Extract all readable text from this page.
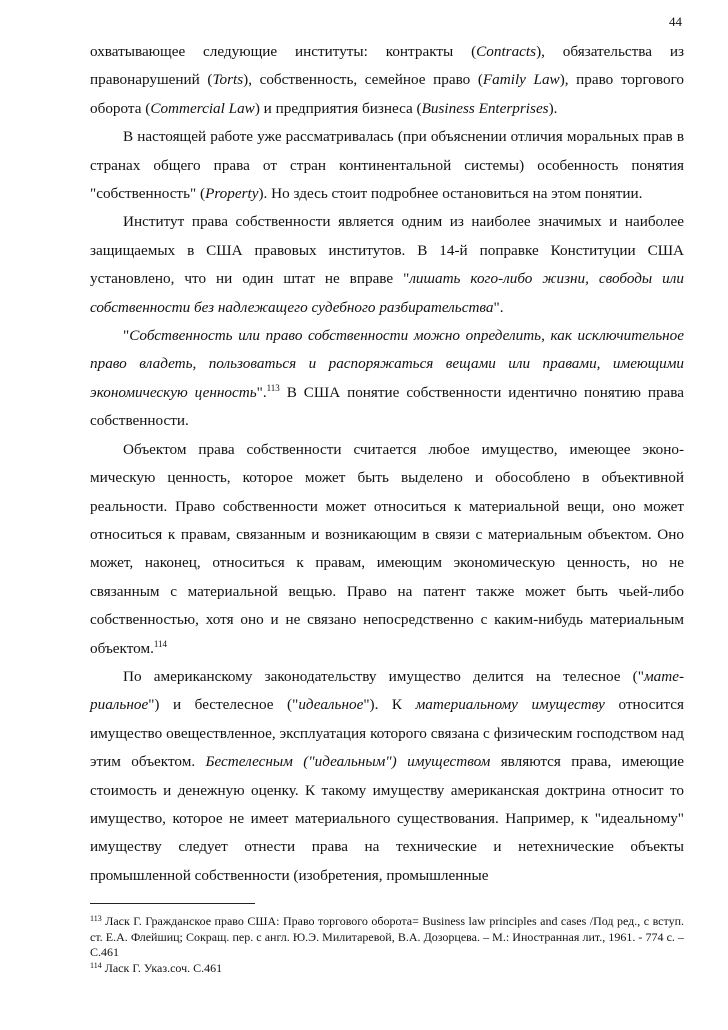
44

охватывающее следующие институты: контракты (Contracts), обязательства из правонарушений (Torts), собственность, семейное право (Family Law), право торгового оборота (Commercial Law) и предприятия бизнеса (Business Enterprises).

В настоящей работе уже рассматривалась (при объяснении отличия моральных прав в странах общего права от стран континентальной системы) особенность понятия "собственность" (Property). Но здесь стоит подробнее остановиться на этом понятии.

Институт права собственности является одним из наиболее значимых и наиболее защищаемых в США правовых институтов. В 14-й поправке Конституции США установлено, что ни один штат не вправе "лишать кого-либо жизни, свободы или собственности без надлежащего судебного разбирательства".

"Собственность или право собственности можно определить, как исключительное право владеть, пользоваться и распоряжаться вещами или правами, имеющими экономическую ценность".$^{113}$ В США понятие собственности идентично понятию права собственности.

Объектом права собственности считается любое имущество, имеющее экономическую ценность, которое может быть выделено и обособлено в объективной реальности. Право собственности может относиться к материальной вещи, оно может относиться к правам, связанным и возникающим в связи с материальным объектом. Оно может, наконец, относиться к правам, имеющим экономическую ценность, но не связанным с материальной вещью. Право на патент также может быть чьей-либо собственностью, хотя оно и не связано непосредственно с каким-нибудь материальным объектом.$^{114}$

По американскому законодательству имущество делится на телесное ("материальное") и бестелесное ("идеальное"). К материальному имуществу относится имущество овеществленное, эксплуатация которого связана с физическим господством над этим объектом. Бестелесным ("идеальным") имуществом являются права, имеющие стоимость и денежную оценку. К такому имуществу американская доктрина относит то имущество, которое не имеет материального существования. Например, к "идеальному" имуществу следует отнести права на технические и нетехнические объекты промышленной собственности (изобретения, промышленные

$^{113}$ Ласк Г. Гражданское право США: Право торгового оборота= Business law principles and cases /Под ред., с вступ. ст. Е.А. Флейшиц; Сокращ. пер. с англ. Ю.Э. Милитаревой, В.А. Дозорцева. – М.: Иностранная лит., 1961. - 774 с. – С.461

$^{114}$ Ласк Г. Указ.соч. С.461
